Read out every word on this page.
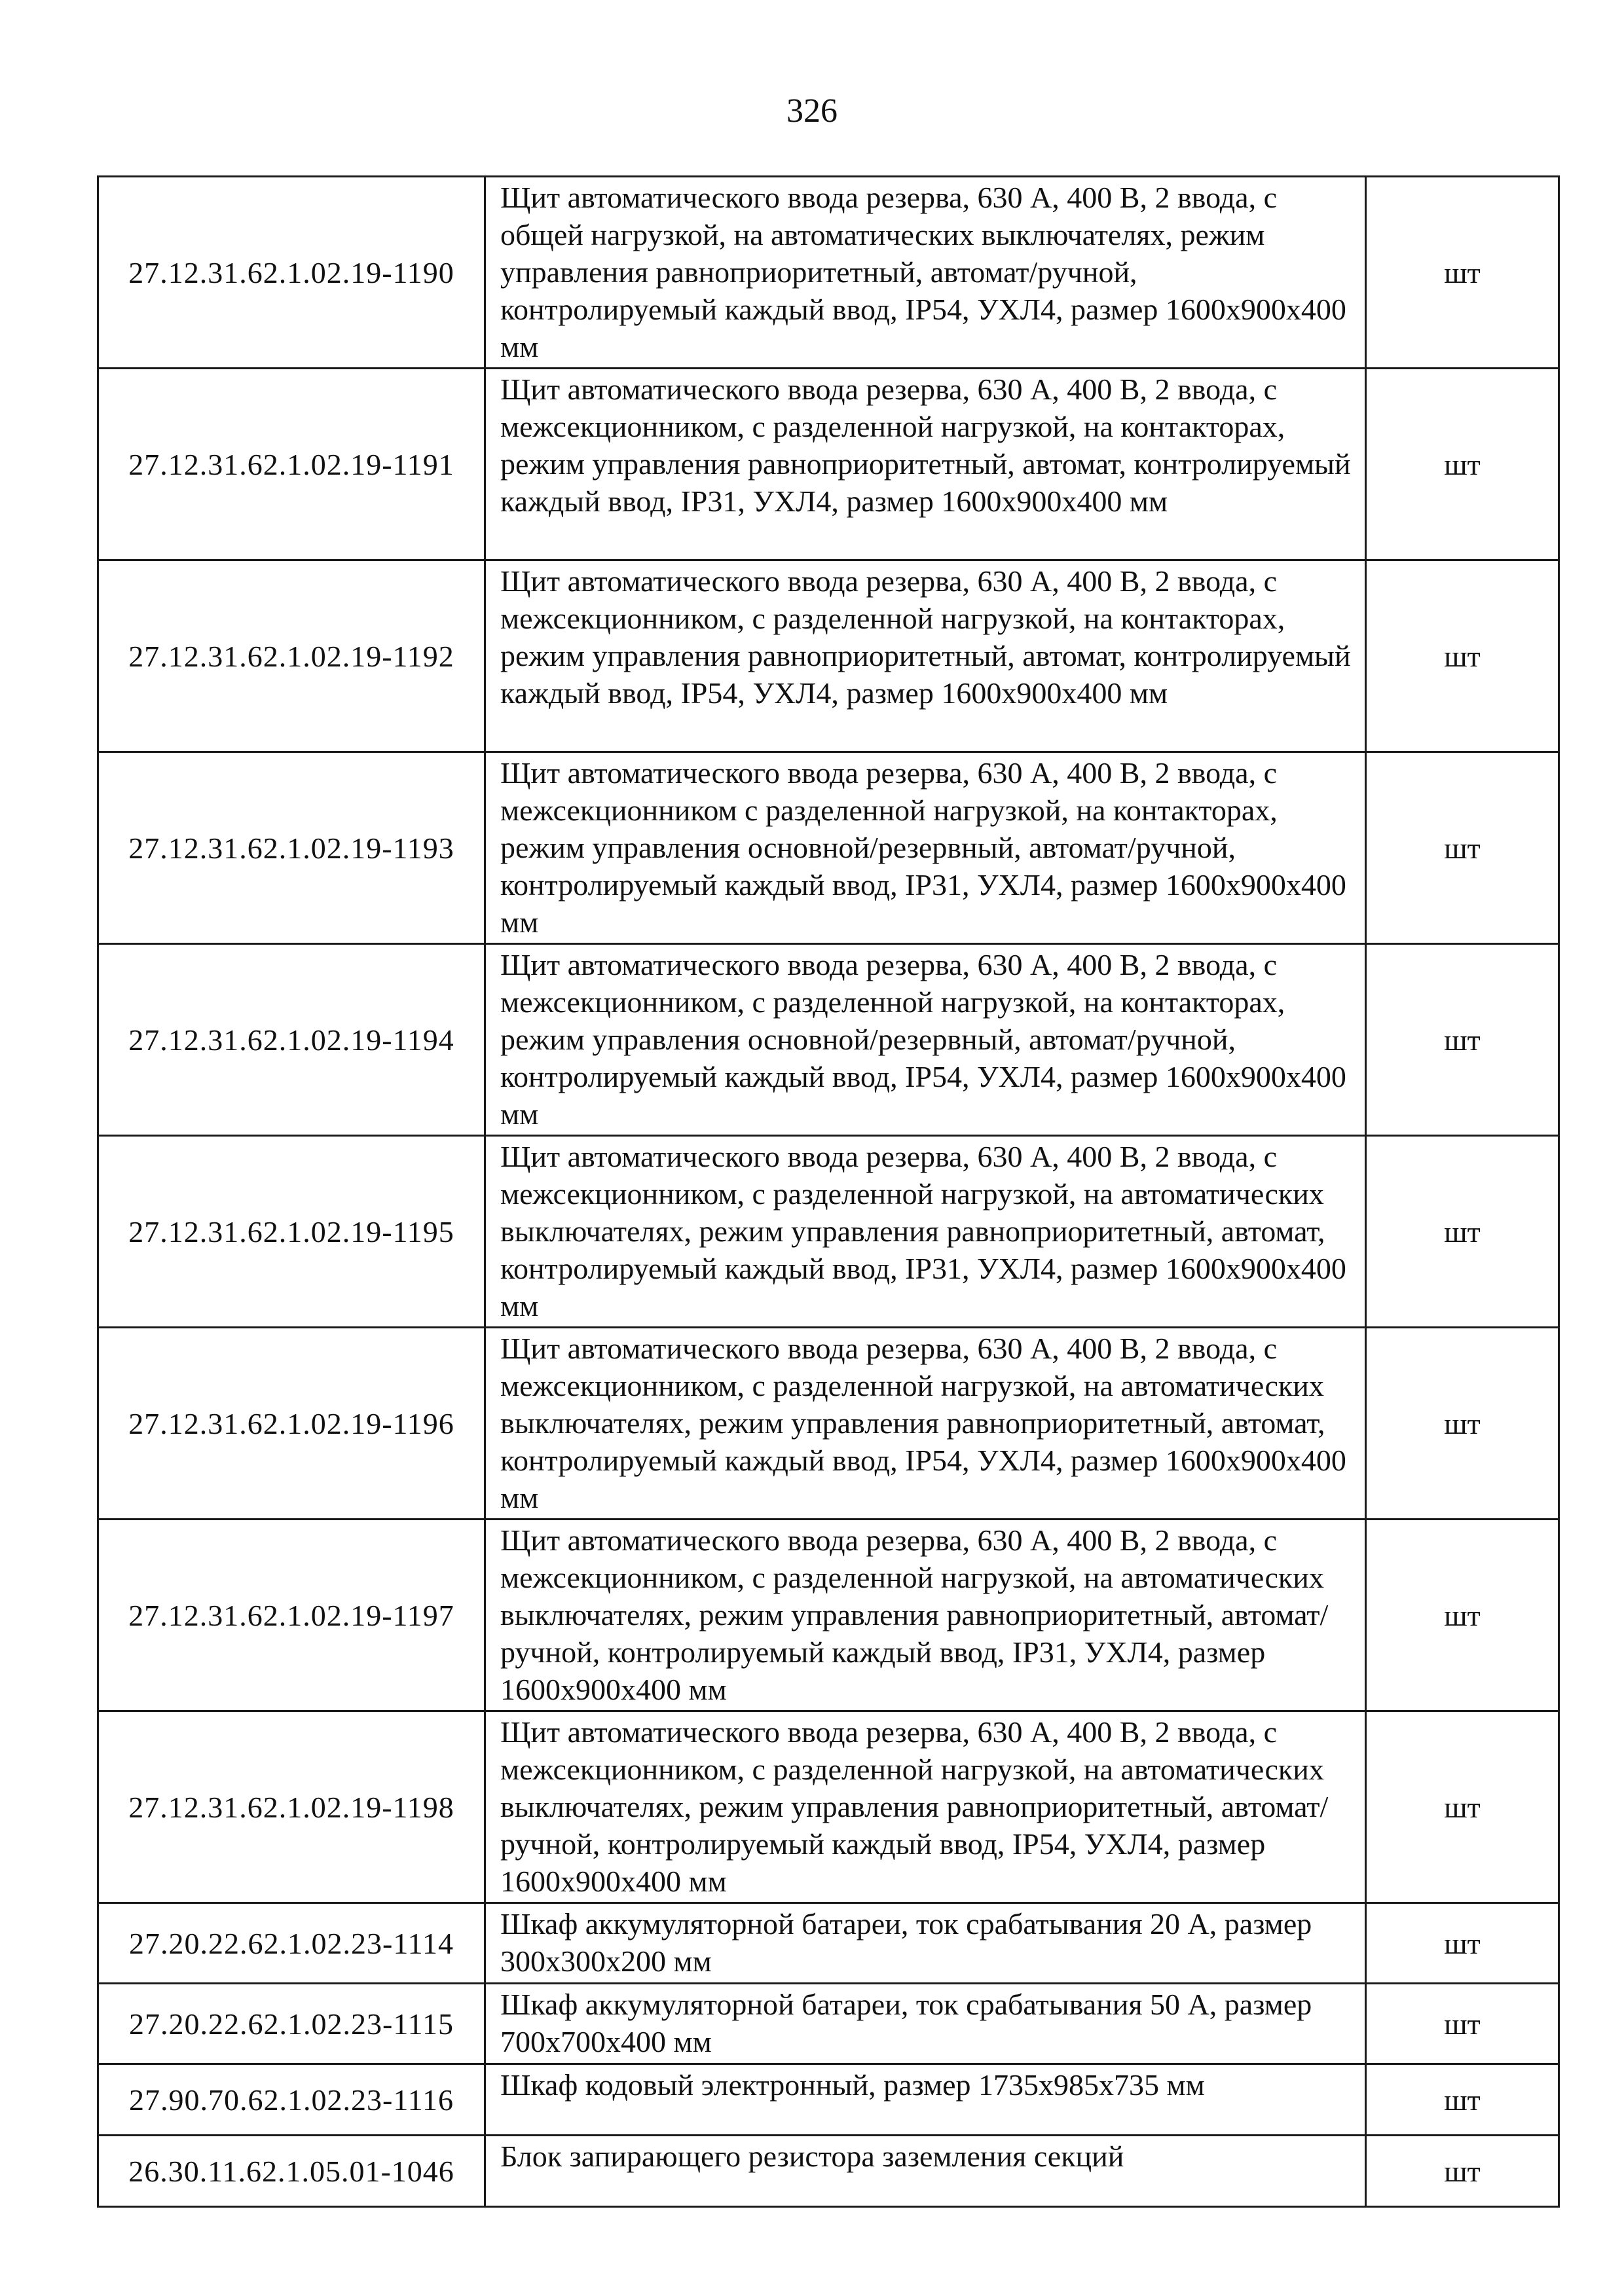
326
27.12.31.62.1.02.19-1190	Щит автоматического ввода резерва, 630 А, 400 В, 2 ввода, с общей нагрузкой, на автоматических выключателях, режим управления равноприоритетный, автомат/ручной, контролируемый каждый ввод, IP54, УХЛ4, размер 1600x900x400 мм	шт
27.12.31.62.1.02.19-1191	Щит автоматического ввода резерва, 630 А, 400 В, 2 ввода, с межсекционником, с разделенной нагрузкой, на контакторах, режим управления равноприоритетный, автомат, контролируемый каждый ввод, IP31, УХЛ4, размер 1600x900x400 мм	шт
27.12.31.62.1.02.19-1192	Щит автоматического ввода резерва, 630 А, 400 В, 2 ввода, с межсекционником, с разделенной нагрузкой, на контакторах, режим управления равноприоритетный, автомат, контролируемый каждый ввод, IP54, УХЛ4, размер 1600x900x400 мм	шт
27.12.31.62.1.02.19-1193	Щит автоматического ввода резерва, 630 А, 400 В, 2 ввода, с межсекционником с разделенной нагрузкой, на контакторах, режим управления основной/резервный, автомат/ручной, контролируемый каждый ввод, IP31, УХЛ4, размер 1600x900x400 мм	шт
27.12.31.62.1.02.19-1194	Щит автоматического ввода резерва, 630 А, 400 В, 2 ввода, с межсекционником, с разделенной нагрузкой, на контакторах, режим управления основной/резервный, автомат/ручной, контролируемый каждый ввод, IP54, УХЛ4, размер 1600x900x400 мм	шт
27.12.31.62.1.02.19-1195	Щит автоматического ввода резерва, 630 А, 400 В, 2 ввода, с межсекционником, с разделенной нагрузкой, на автоматических выключателях, режим управления равноприоритетный, автомат, контролируемый каждый ввод, IP31, УХЛ4, размер 1600x900x400 мм	шт
27.12.31.62.1.02.19-1196	Щит автоматического ввода резерва, 630 А, 400 В, 2 ввода, с межсекционником, с разделенной нагрузкой, на автоматических выключателях, режим управления равноприоритетный, автомат, контролируемый каждый ввод, IP54, УХЛ4, размер 1600x900x400 мм	шт
27.12.31.62.1.02.19-1197	Щит автоматического ввода резерва, 630 А, 400 В, 2 ввода, с межсекционником, с разделенной нагрузкой, на автоматических выключателях, режим управления равноприоритетный, автомат/ручной, контролируемый каждый ввод, IP31, УХЛ4, размер 1600x900x400 мм	шт
27.12.31.62.1.02.19-1198	Щит автоматического ввода резерва, 630 А, 400 В, 2 ввода, с межсекционником, с разделенной нагрузкой, на автоматических выключателях, режим управления равноприоритетный, автомат/ручной, контролируемый каждый ввод, IP54, УХЛ4, размер 1600x900x400 мм	шт
27.20.22.62.1.02.23-1114	Шкаф аккумуляторной батареи, ток срабатывания 20 А, размер 300x300x200 мм	шт
27.20.22.62.1.02.23-1115	Шкаф аккумуляторной батареи, ток срабатывания 50 А, размер 700x700x400 мм	шт
27.90.70.62.1.02.23-1116	Шкаф кодовый электронный, размер 1735x985x735 мм	шт
26.30.11.62.1.05.01-1046	Блок запирающего резистора заземления секций	шт
